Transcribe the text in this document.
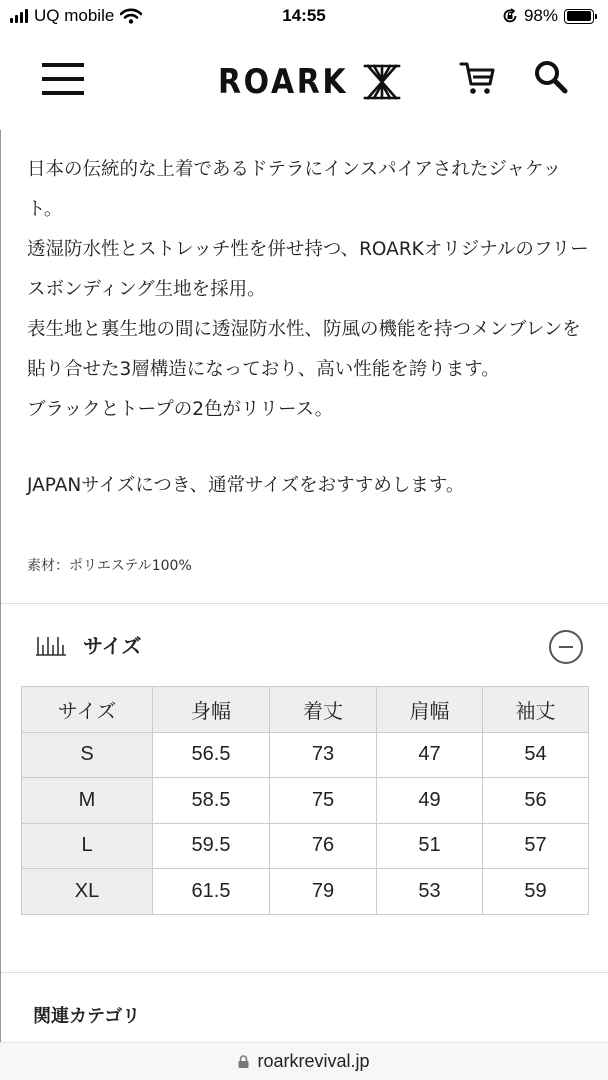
UQ mobile	14:55	98%
ROARK

日本の伝統的な上着であるドテラにインスパイアされたジャケット。

透湿防水性とストレッチ性を併せ持つ、ROARKオリジナルのフリースボンディング生地を採用。

表生地と裏生地の間に透湿防水性、防風の機能を持つメンブレンを貼り合せた3層構造になっており、高い性能を誇ります。

ブラックとトープの2色がリリース。

JAPANサイズにつき、通常サイズをおすすめします。

素材：ポリエステル100%
サイズ
サイズ	身幅	着丈	肩幅	袖丈
S	56.5	73	47	54
M	58.5	75	49	56
L	59.5	76	51	57
XL	61.5	79	53	59
関連カテゴリ
roarkrevival.jp
